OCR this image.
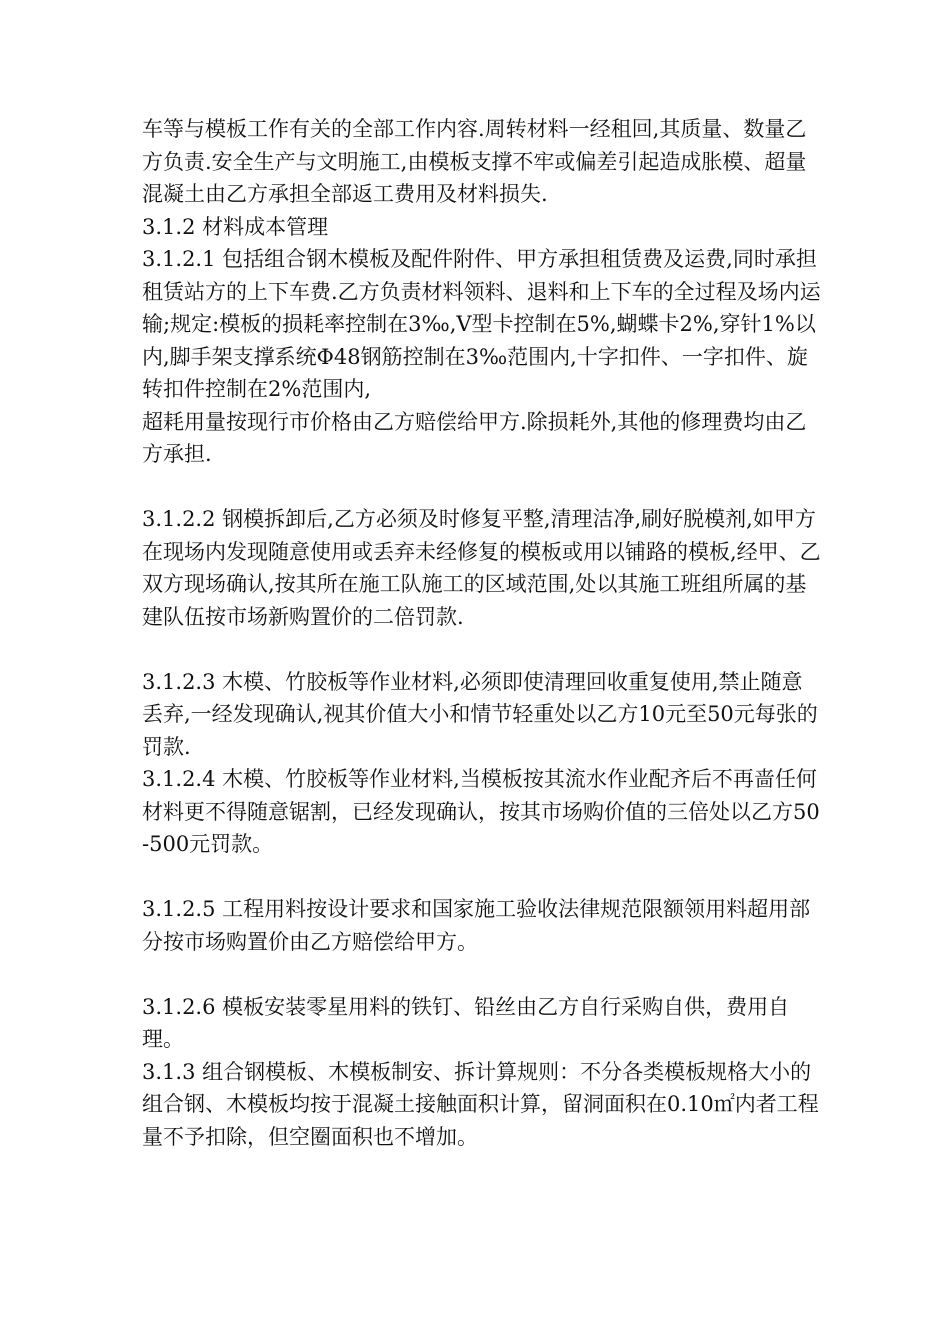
车等与模板工作有关的全部工作内容.周转材料一经租回,其质量、数量乙方负责.安全生产与文明施工,由模板支撑不牢或偏差引起造成胀模、超量混凝土由乙方承担全部返工费用及材料损失.

3.1.2 材料成本管理

3.1.2.1 包括组合钢木模板及配件附件、甲方承担租赁费及运费,同时承担租赁站方的上下车费.乙方负责材料领料、退料和上下车的全过程及场内运输;规定:模板的损耗率控制在3‰,V型卡控制在5%,蝴蝶卡2%,穿针1%以内,脚手架支撑系统Φ48钢筋控制在3‰范围内,十字扣件、一字扣件、旋转扣件控制在2%范围内,

超耗用量按现行市价格由乙方赔偿给甲方.除损耗外,其他的修理费均由乙方承担.

3.1.2.2 钢模拆卸后,乙方必须及时修复平整,清理洁净,刷好脱模剂,如甲方在现场内发现随意使用或丢弃未经修复的模板或用以铺路的模板,经甲、乙双方现场确认,按其所在施工队施工的区域范围,处以其施工班组所属的基建队伍按市场新购置价的二倍罚款.

3.1.2.3 木模、竹胶板等作业材料,必须即使清理回收重复使用,禁止随意丢弃,一经发现确认,视其价值大小和情节轻重处以乙方10元至50元每张的罚款.

3.1.2.4 木模、竹胶板等作业材料,当模板按其流水作业配齐后不再啬任何材料更不得随意锯割，已经发现确认，按其市场购价值的三倍处以乙方50-500元罚款。

3.1.2.5 工程用料按设计要求和国家施工验收法律规范限额领用料超用部分按市场购置价由乙方赔偿给甲方。

3.1.2.6 模板安装零星用料的铁钉、铅丝由乙方自行采购自供，费用自理。

3.1.3 组合钢模板、木模板制安、拆计算规则：不分各类模板规格大小的组合钢、木模板均按于混凝土接触面积计算，留洞面积在0.10㎡内者工程量不予扣除，但空圈面积也不增加。
